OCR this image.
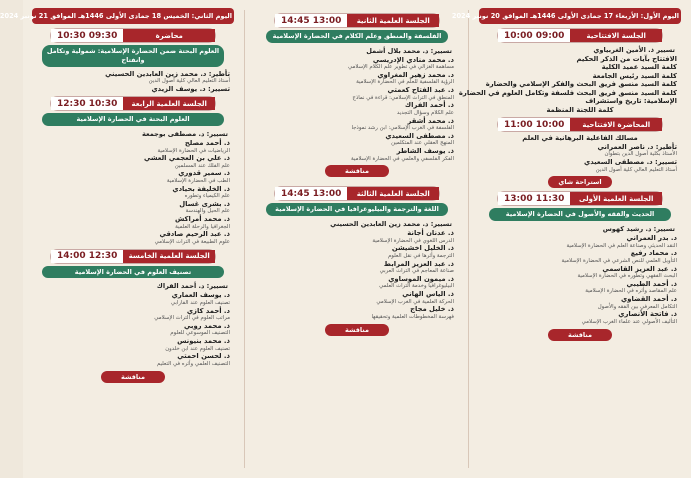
اليوم الأول: الأربعاء 17 جمادى الأولى 1446هـ الموافق 20 نونبر 2024
10:00 09:00	الجلسة الافتتاحية
تسيير ذ. الأمين الغربياوي
الافتتاح بآيات من الذكر الحكيم
كلمة السيد عميد الكلية
كلمة السيد رئيس الجامعة
كلمة السيد منسق فريق البحث والفكر الإسلامي والحضارة
كلمة السيد منسق فريق البحث فلسفة وتكامل العلوم في الحضارة
الإسلامية: تاريخ واستشراف
كلمة اللجنة المنظمة
11:00 10:00	المحاضرة الافتتاحية
مسالك الفاعلية البرهانية في العلم
تأطير: د. ناصر العمراني
الأستاذ بكلية أصول الدين بتطوان
تسيير: د. مصطفى السعيدي
أستاذ التعليم العالي كلية أصول الدين
استراحة شاي
13:00 11:30	الجلسة العلمية الأولى
الحديث والفقه والأصول في الحضارة الإسلامية
تسيير: د. رشيد كهوس
د. بدر العمراني
النقد الحديثي وصناعة العلم في الحضارة الإسلامية
د. محماد رفيع
التأويل العلمي للنص الشرعي في الحضارة الإسلامية
ذ. عبد العزيز القاسمي
البحث الفقهي وتطوره في الحضارة الإسلامية
ذ. أحمد الطيبي
علم المقاصد وأثره في الحضارة الإسلامية
د. أحمد القضاوي
التكامل المعرفي بين الفقه والأصول
ذ. فاتحة الأنصاري
التأليف الأصولي عند علماء الغرب الإسلامي
مناقشة
14:45 13:00	الجلسة العلمية الثانية
الفلسفة والمنطق وعلم الكلام في الحضارة الإسلامية
تسيير: د. محمد بلال أشمل
د. محمد منادي الإدريسي
مساهمة الغزالي في تطوير علم الكلام الإسلامي
د. محمد زهير المغراوي
الرؤية الفلسفية للعلم في الحضارة الإسلامية
ذ. عبد الفتاح كعمتي
المنطق في التراث الإسلامي: قراءة في نماذج
ذ. أحمد الفراك
علم الكلام وسؤال التجديد
ذ. محمد أشقر
الفلسفة في الغرب الإسلامي: ابن رشد نموذجا
ذ. مصطفى السعيدي
المنهج العقلي عند المتكلمين
ذ. يوسف الشاطر
الفكر الفلسفي والعلمي في الحضارة الإسلامية
مناقشة
14:45 13:00	الجلسة العلمية الثالثة
اللغة والترجمة والبيليوغرافيا في الحضارة الإسلامية
تسيير: د. محمد زين العابدين الحسيني
ذ. عدنان أجانة
الدرس اللغوي في الحضارة الإسلامية
ذ. الخليل اخشيشن
الترجمة وأثرها في نقل العلوم
ذ. عبد العزيز المرابط
صناعة المعاجم في التراث العربي
ذ. ميمون الموساوي
البيليوغرافيا وخدمة التراث العلمي
ذ. الياس الهاني
الحركة العلمية في الغرب الإسلامي
ذ. خليل مجاج
فهرسة المخطوطات العلمية وتحقيقها
مناقشة
اليوم الثاني: الخميس 18 جمادى الأولى 1446هـ الموافق 21 نونبر 2024
10:30 09:30	محاضرة
العلوم البحتة ضمن الحضارة الإسلامية: شمولية وتكامل وانفتاح
تأطير: د. محمد زين العابدين الحسيني
أستاذ التعليم العالي كلية أصول الدين
تسيير: د. يوسف الزيدي
12:30 10:30	الجلسة العلمية الرابعة
العلوم البحتة في الحضارة الإسلامية
تسيير: د. مصطفى بوجمعة
ذ. أحمد مصلح
الرياضيات في الحضارة الإسلامية
ذ. علي بن العجمي العشي
علم الفلك عند المسلمين
ذ. سمير قدوري
الطب في الحضارة الإسلامية
ذ. الخليفة بحيادي
علم الكيمياء وتطوره
ذ. بشرى غسال
علم الحيل والهندسة
ذ. محمد أمراكش
الجغرافيا والرحلة العلمية
ذ. عبد الرحيم صادقي
علوم الطبيعة في التراث الإسلامي
14:00 12:30	الجلسة العلمية الخامسة
تصنيف العلوم في الحضارة الإسلامية
تسيير: د. أحمد الفراك
د. يوسف العماري
تصنيف العلوم عند الفارابي
د. أحمد كازي
مراتب العلوم في التراث الإسلامي
ذ. محمد روبي
التصنيف الموسوعي للعلوم
ذ. محمد بنيونس
تصنيف العلوم عند ابن خلدون
ذ. لحسن احمتي
التصنيف العلمي وأثره في التعليم
مناقشة
